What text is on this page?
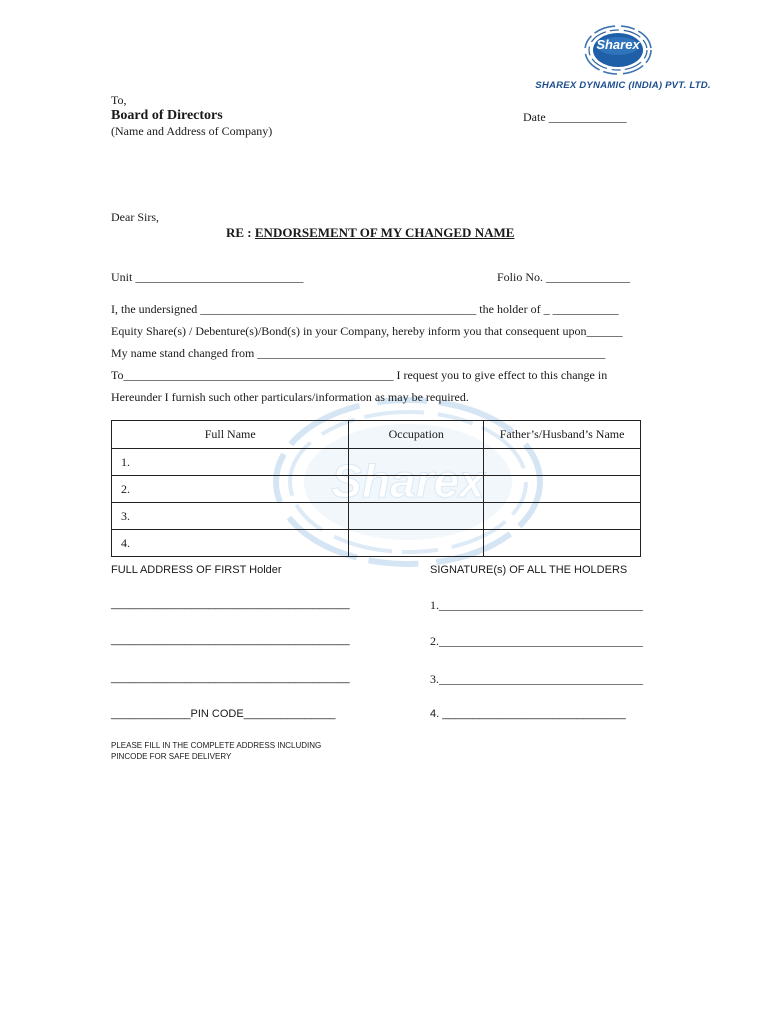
Sharex
SHAREX DYNAMIC (INDIA) PVT. LTD.
Sharex
To,
Board of Directors
(Name and Address of Company)
Date _____________
Dear Sirs,
RE : ENDORSEMENT OF MY CHANGED NAME
Unit ____________________________	Folio No. ______________
I, the undersigned ______________________________________________ the holder of _ ___________
Equity Share(s) / Debenture(s)/Bond(s) in your Company, hereby inform you that consequent upon______
My name stand changed from __________________________________________________________
To_____________________________________________ I request you to give effect to this change in
Hereunder I furnish such other particulars/information as may be required.
Full Name	Occupation	Father’s/Husband’s Name
1.		
2.		
3.		
4.		
FULL ADDRESS OF FIRST Holder
_______________________________________
_______________________________________
_______________________________________
_____________PIN CODE_______________
PLEASE FILL IN THE COMPLETE ADDRESS INCLUDING
PINCODE FOR SAFE DELIVERY
SIGNATURE(s) OF ALL THE HOLDERS
1.__________________________________
2.__________________________________
3.__________________________________
4. ______________________________
